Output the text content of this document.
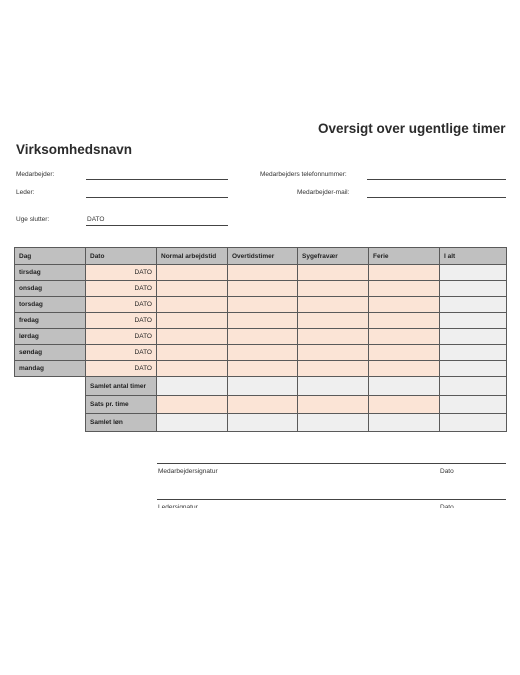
Oversigt over ugentlige timer
Virksomhedsnavn
Medarbejder:
Leder:
Uge slutter:	DATO
Medarbejders telefonnummer:
Medarbejder-mail:
Dag	Dato	Normal arbejdstid	Overtidstimer	Sygefravær	Ferie	I alt
tirsdag	DATO					
onsdag	DATO					
torsdag	DATO					
fredag	DATO					
lørdag	DATO					
søndag	DATO					
mandag	DATO					
	Samlet antal timer					
	Sats pr. time					
	Samlet løn					
Medarbejdersignatur	Dato
